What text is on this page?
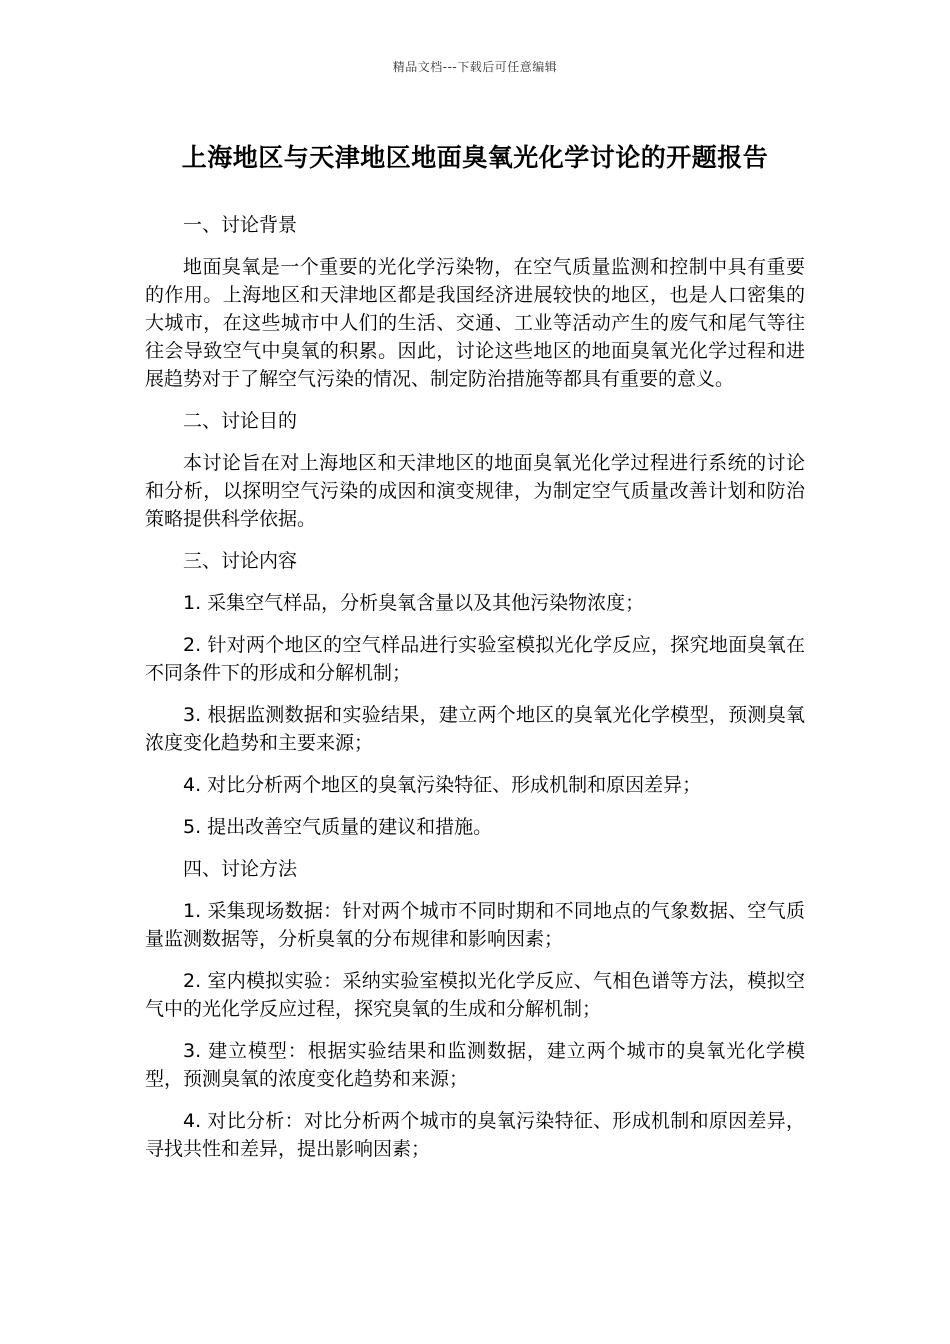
精品文档---下载后可任意编辑
上海地区与天津地区地面臭氧光化学讨论的开题报告

一、讨论背景

地面臭氧是一个重要的光化学污染物，在空气质量监测和控制中具有重要的作用。上海地区和天津地区都是我国经济进展较快的地区，也是人口密集的大城市，在这些城市中人们的生活、交通、工业等活动产生的废气和尾气等往往会导致空气中臭氧的积累。因此，讨论这些地区的地面臭氧光化学过程和进展趋势对于了解空气污染的情况、制定防治措施等都具有重要的意义。

二、讨论目的

本讨论旨在对上海地区和天津地区的地面臭氧光化学过程进行系统的讨论和分析，以探明空气污染的成因和演变规律，为制定空气质量改善计划和防治策略提供科学依据。

三、讨论内容

1. 采集空气样品，分析臭氧含量以及其他污染物浓度；

2. 针对两个地区的空气样品进行实验室模拟光化学反应，探究地面臭氧在不同条件下的形成和分解机制；

3. 根据监测数据和实验结果，建立两个地区的臭氧光化学模型，预测臭氧浓度变化趋势和主要来源；

4. 对比分析两个地区的臭氧污染特征、形成机制和原因差异；

5. 提出改善空气质量的建议和措施。

四、讨论方法

1. 采集现场数据：针对两个城市不同时期和不同地点的气象数据、空气质量监测数据等，分析臭氧的分布规律和影响因素；

2. 室内模拟实验：采纳实验室模拟光化学反应、气相色谱等方法，模拟空气中的光化学反应过程，探究臭氧的生成和分解机制；

3. 建立模型：根据实验结果和监测数据，建立两个城市的臭氧光化学模型，预测臭氧的浓度变化趋势和来源；

4. 对比分析：对比分析两个城市的臭氧污染特征、形成机制和原因差异，寻找共性和差异，提出影响因素；
